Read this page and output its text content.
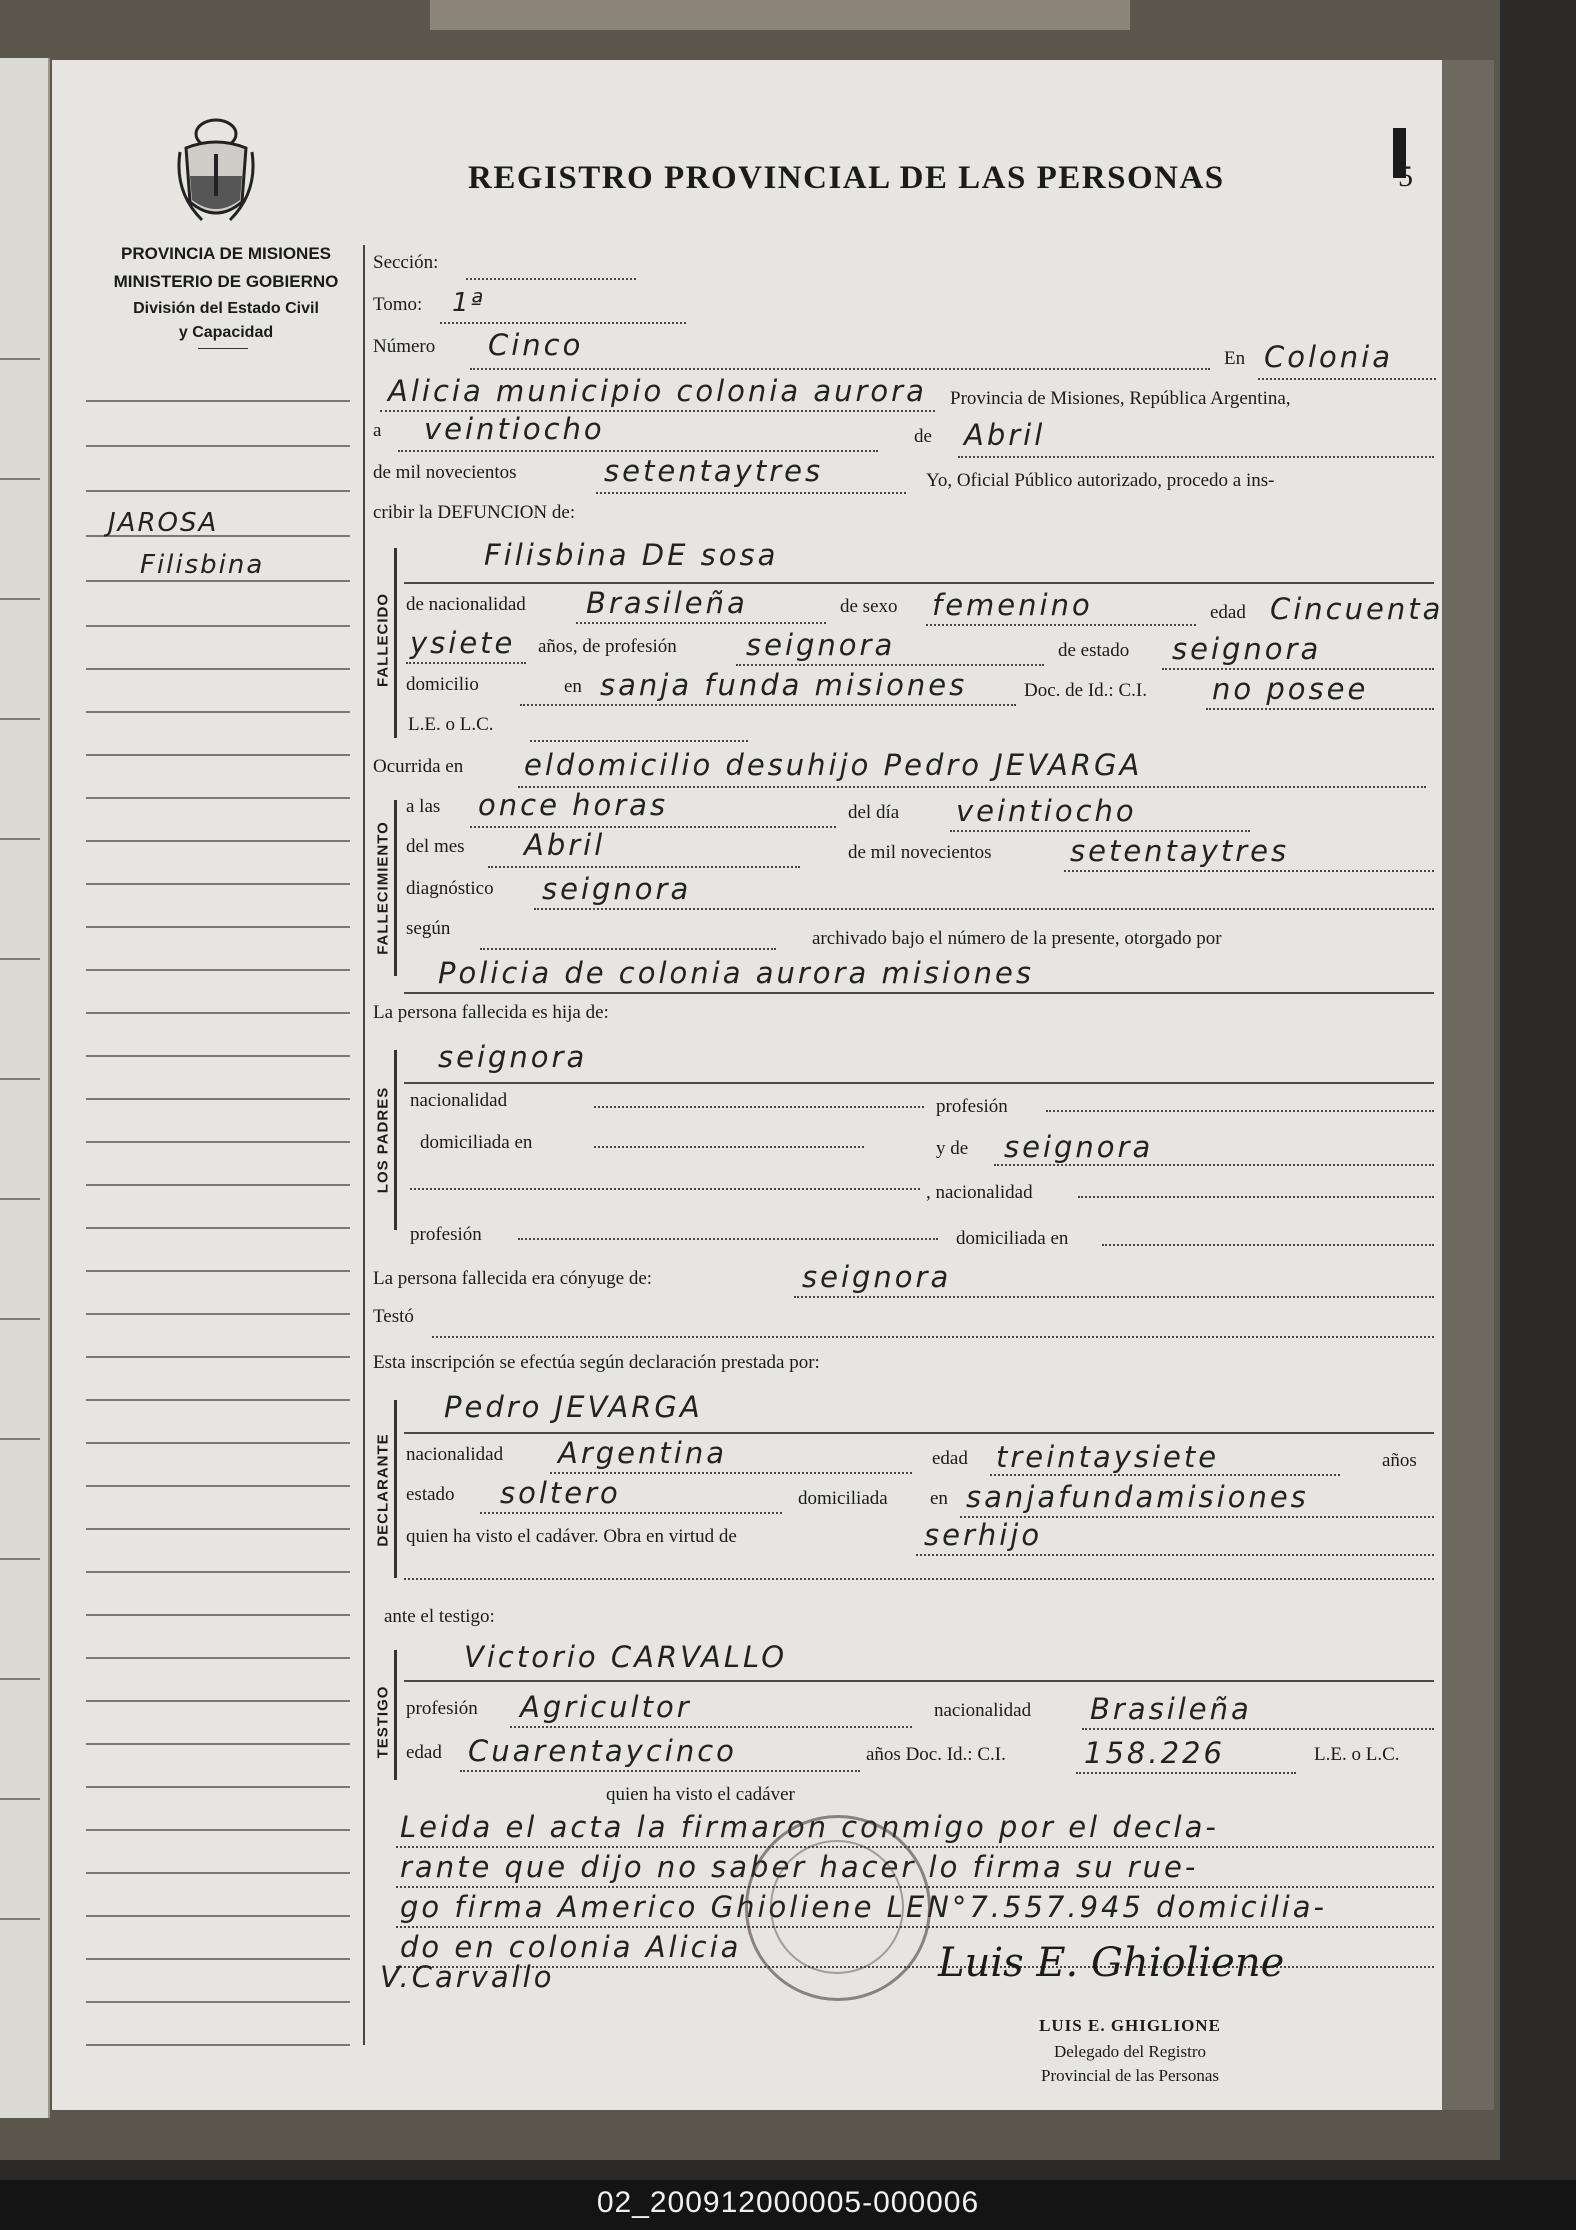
REGISTRO PROVINCIAL DE LAS PERSONAS	5
PROVINCIA DE MISIONES
MINISTERIO DE GOBIERNO
División del Estado Civil
y Capacidad
JAROSA
Filisbina
Sección:
Tomo: 1ª
Número Cinco	En Colonia
Alicia municipio colonia aurora Provincia de Misiones, República Argentina,
a veintiocho	de Abril
de mil novecientos	setentaytres	Yo, Oficial Público autorizado, procedo a ins-
cribir la DEFUNCION de:
FALLECIDO
Filisbina DE sosa
de nacionalidad Brasileña	de sexo femenino	edad Cincuenta
ysiete años, de profesión seignora	de estado seignora
domicilio	en sanja funda misiones	Doc. de Id.: C.I. no posee
L.E. o L.C.
Ocurrida en eldomicilio desuhijo Pedro JEVARGA
FALLECIMIENTO
a las once horas	del día veintiocho
del mes Abril	de mil novecientos	setentaytres
diagnóstico seignora
según	archivado bajo el número de la presente, otorgado por
Policia de colonia aurora misiones
La persona fallecida es hija de:
LOS PADRES
seignora
nacionalidad	profesión
domiciliada en	y de seignora
, nacionalidad
profesión	domiciliada en
La persona fallecida era cónyuge de:	seignora
Testó
Esta inscripción se efectúa según declaración prestada por:
DECLARANTE
Pedro JEVARGA
nacionalidad Argentina	edad treintaysiete	años
estado soltero	domiciliada en sanjafundamisiones
quien ha visto el cadáver. Obra en virtud de	serhijo
ante el testigo:
TESTIGO
Victorio CARVALLO
profesión Agricultor	nacionalidad Brasileña
edad Cuarentaycinco	años Doc. Id.: C.I.	158.226	L.E. o L.C.
quien ha visto el cadáver
Leida el acta la firmaron conmigo por el decla-
rante que dijo no saber hacer lo firma su rue-
go firma Americo Ghioliene LEN°7.557.945 domicilia-
do en colonia Alicia
V.Carvallo	Luis E. Ghioliene
LUIS E. GHIGLIONE
Delegado del Registro
Provincial de las Personas
02_200912000005-000006
